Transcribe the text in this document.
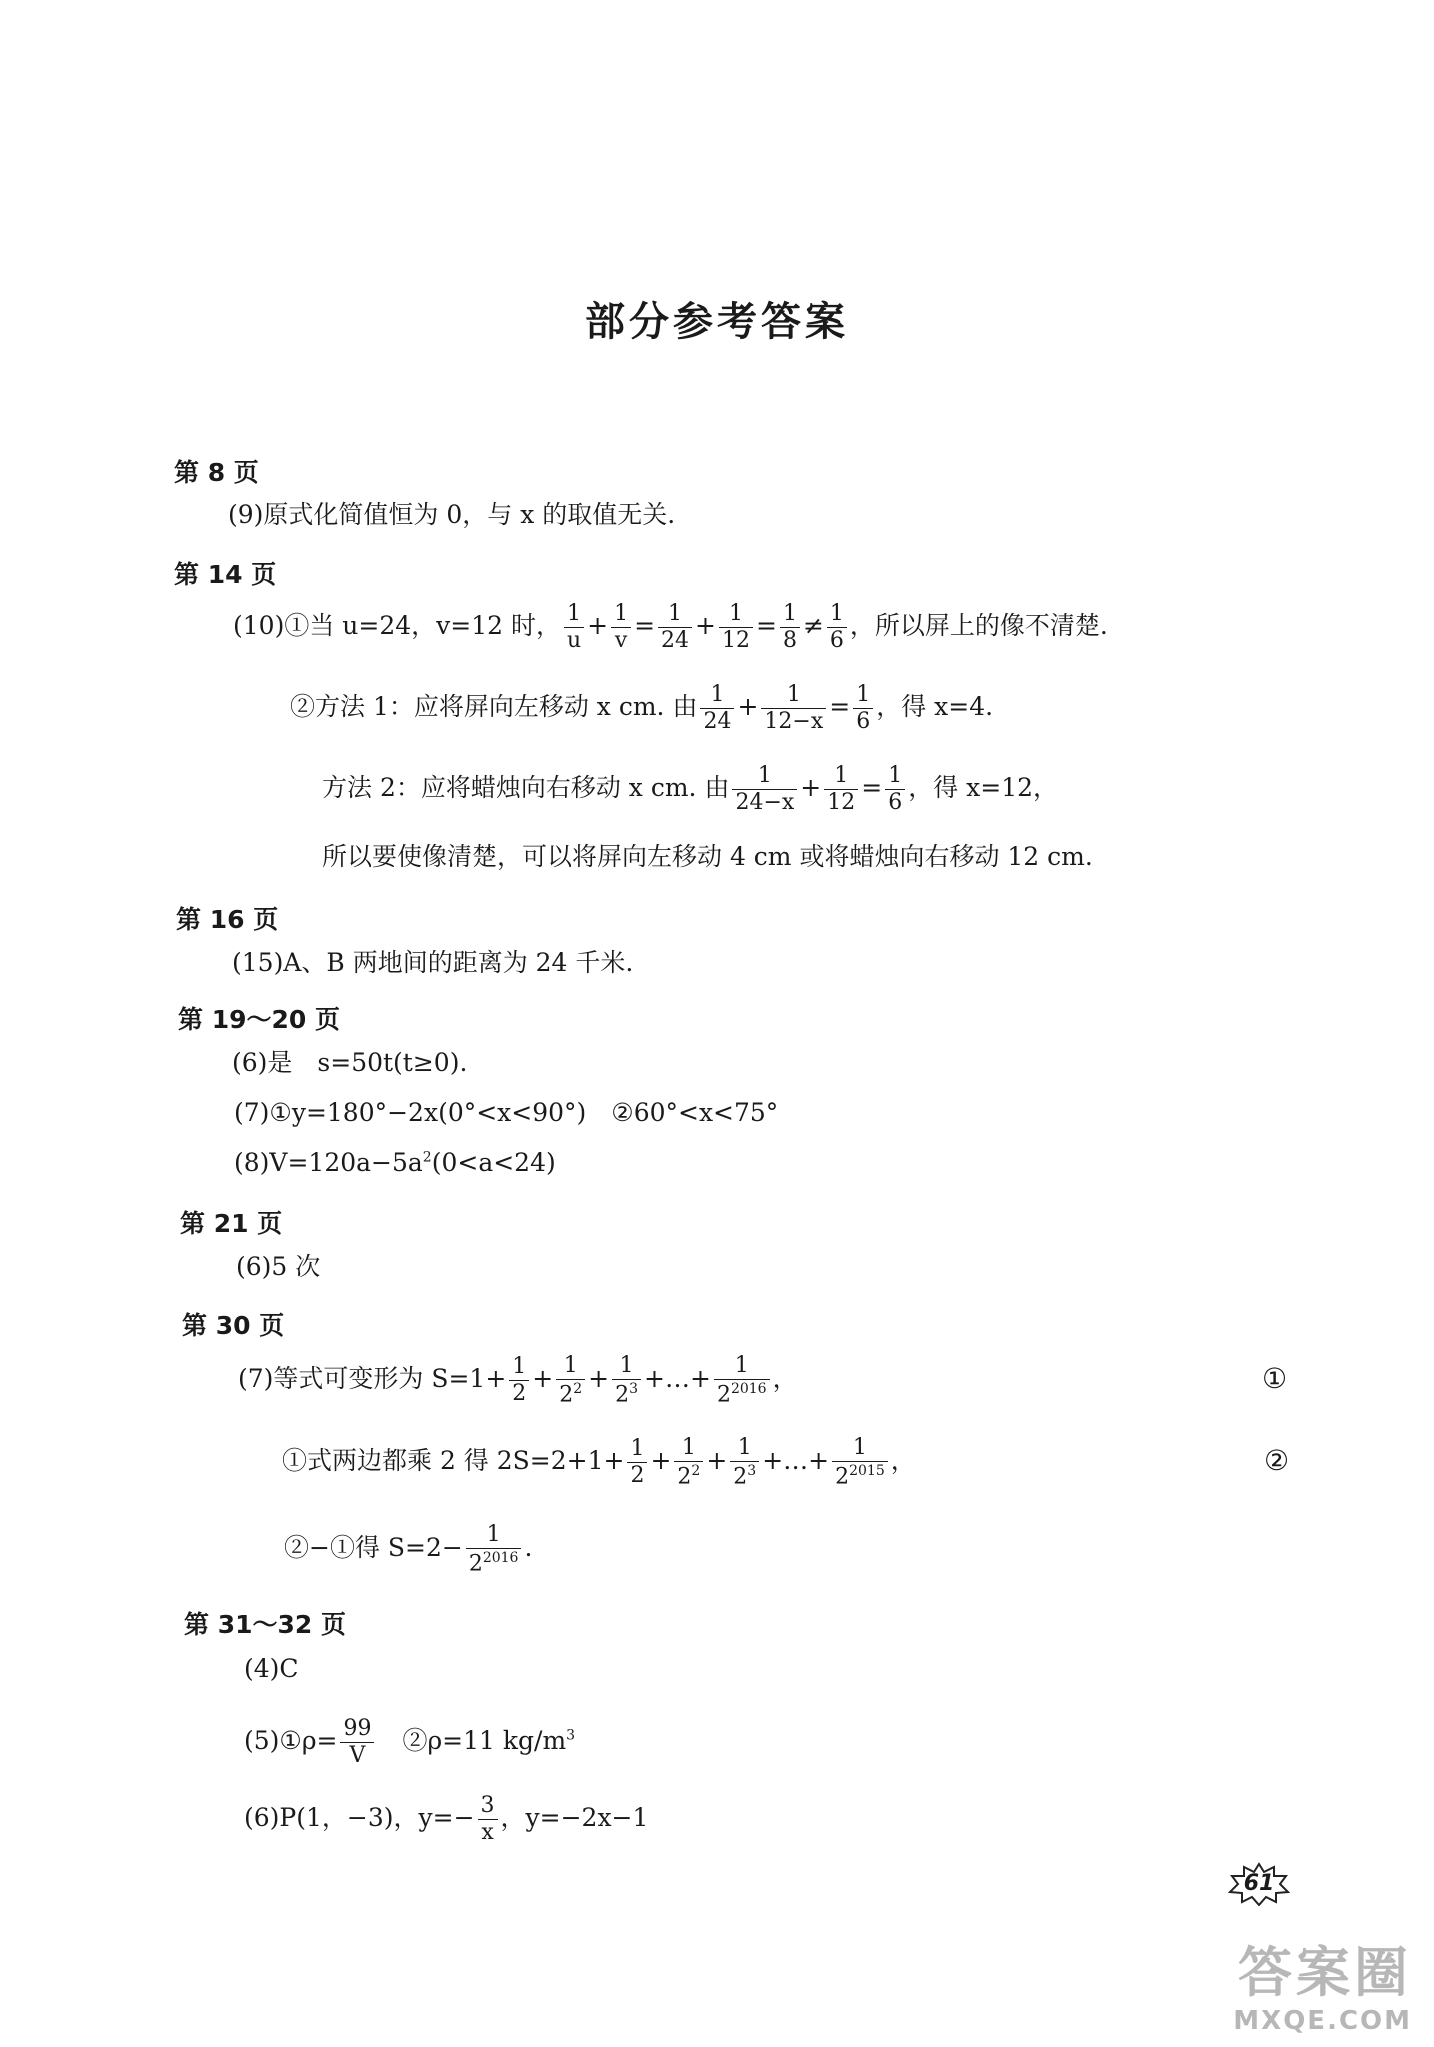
部分参考答案
第 8 页
(9)原式化简值恒为 0，与 x 的取值无关.
第 14 页
(10)①当 u=24，v=12 时， $\frac{1}{u} + \frac{1}{v} = \frac{1}{24} + \frac{1}{12} = \frac{1}{8} \ne \frac{1}{6}$ ，所以屏上的像不清楚.
②方法 1：应将屏向左移动 x cm. 由 $\frac{1}{24} + \frac{1}{12-x} = \frac{1}{6}$ ，得 x=4.
方法 2：应将蜡烛向右移动 x cm. 由 $\frac{1}{24-x} + \frac{1}{12} = \frac{1}{6}$ ，得 x=12，
所以要使像清楚，可以将屏向左移动 4 cm 或将蜡烛向右移动 12 cm.
第 16 页
(15)A、B 两地间的距离为 24 千米.
第 19～20 页
(6)是　s=50t(t≥0).
(7)①y=180°−2x(0°<x<90°)　②60°<x<75°
$(8)V=120a-5a^2(0<a<24)$
第 21 页
(6)5 次
第 30 页
(7)等式可变形为 $S=1+ \frac{1}{2} + \frac{1}{2^2} + \frac{1}{2^3}$ +…+ $\frac{1}{2^{2016}}$ ，	①
①式两边都乘 2 得 $2S=2+1+ \frac{1}{2} + \frac{1}{2^2} + \frac{1}{2^3}$ +…+ $\frac{1}{2^{2015}}$ ，	②
②−①得 $S=2- \frac{1}{2^{2016}}$ .
第 31～32 页
(4)C
(5)①ρ= $\frac{99}{V}$ 　②ρ=11 $kg/m^3$
(6)P(1，−3)，$y=- \frac{3}{x}$ ，y=−2x−1
61
答案圈
MXQE.COM
